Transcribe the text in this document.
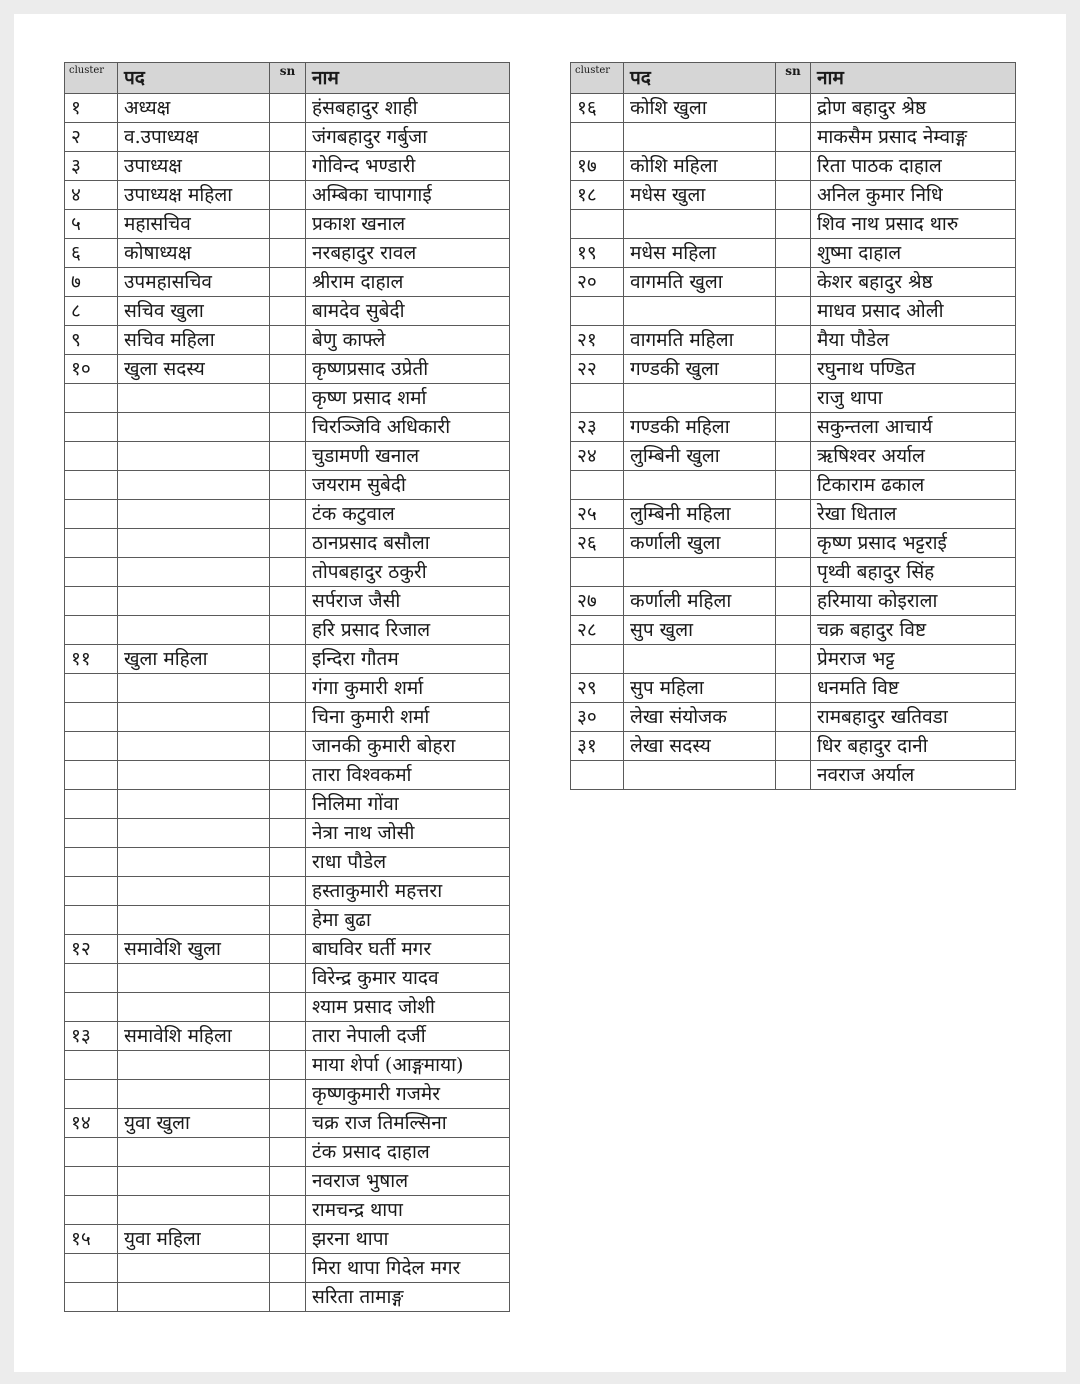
cluster	पद	sn	नाम
१	अध्यक्ष		हंसबहादुर शाही
२	व.उपाध्यक्ष		जंगबहादुर गर्बुजा
३	उपाध्यक्ष		गोविन्द भण्डारी
४	उपाध्यक्ष महिला		अम्बिका चापागाई
५	महासचिव		प्रकाश खनाल
६	कोषाध्यक्ष		नरबहादुर रावल
७	उपमहासचिव		श्रीराम दाहाल
८	सचिव खुला		बामदेव सुबेदी
९	सचिव महिला		बेणु काफ्ले
१०	खुला सदस्य		कृष्णप्रसाद उप्रेती
			कृष्ण प्रसाद शर्मा
			चिरञ्जिवि अधिकारी
			चुडामणी खनाल
			जयराम सुबेदी
			टंक कटुवाल
			ठानप्रसाद बसौला
			तोपबहादुर ठकुरी
			सर्पराज जैसी
			हरि प्रसाद रिजाल
११	खुला महिला		इन्दिरा गौतम
			गंगा कुमारी शर्मा
			चिना कुमारी शर्मा
			जानकी कुमारी बोहरा
			तारा विश्वकर्मा
			निलिमा गोंवा
			नेत्रा नाथ जोसी
			राधा पौडेल
			हस्ताकुमारी महत्तरा
			हेमा बुढा
१२	समावेशि खुला		बाघविर घर्ती मगर
			विरेन्द्र कुमार यादव
			श्याम प्रसाद जोशी
१३	समावेशि महिला		तारा नेपाली दर्जी
			माया शेर्पा (आङ्गमाया)
			कृष्णकुमारी गजमेर
१४	युवा खुला		चक्र राज तिमल्सिना
			टंक प्रसाद दाहाल
			नवराज भुषाल
			रामचन्द्र थापा
१५	युवा महिला		झरना थापा
			मिरा थापा गिदेल मगर
			सरिता तामाङ्ग
cluster	पद	sn	नाम
१६	कोशि खुला		द्रोण बहादुर श्रेष्ठ
			माकसैम प्रसाद नेम्वाङ्ग
१७	कोशि महिला		रिता पाठक दाहाल
१८	मधेस खुला		अनिल कुमार निधि
			शिव नाथ प्रसाद थारु
१९	मधेस महिला		शुष्मा दाहाल
२०	वागमति खुला		केशर बहादुर श्रेष्ठ
			माधव प्रसाद ओली
२१	वागमति महिला		मैया पौडेल
२२	गण्डकी खुला		रघुनाथ पण्डित
			राजु थापा
२३	गण्डकी महिला		सकुन्तला आचार्य
२४	लुम्बिनी खुला		ऋषिश्वर अर्याल
			टिकाराम ढकाल
२५	लुम्बिनी महिला		रेखा धिताल
२६	कर्णाली खुला		कृष्ण प्रसाद भट्टराई
			पृथ्वी बहादुर सिंह
२७	कर्णाली महिला		हरिमाया कोइराला
२८	सुप खुला		चक्र बहादुर विष्ट
			प्रेमराज भट्ट
२९	सुप महिला		धनमति विष्ट
३०	लेखा संयोजक		रामबहादुर खतिवडा
३१	लेखा सदस्य		धिर बहादुर दानी
			नवराज अर्याल
